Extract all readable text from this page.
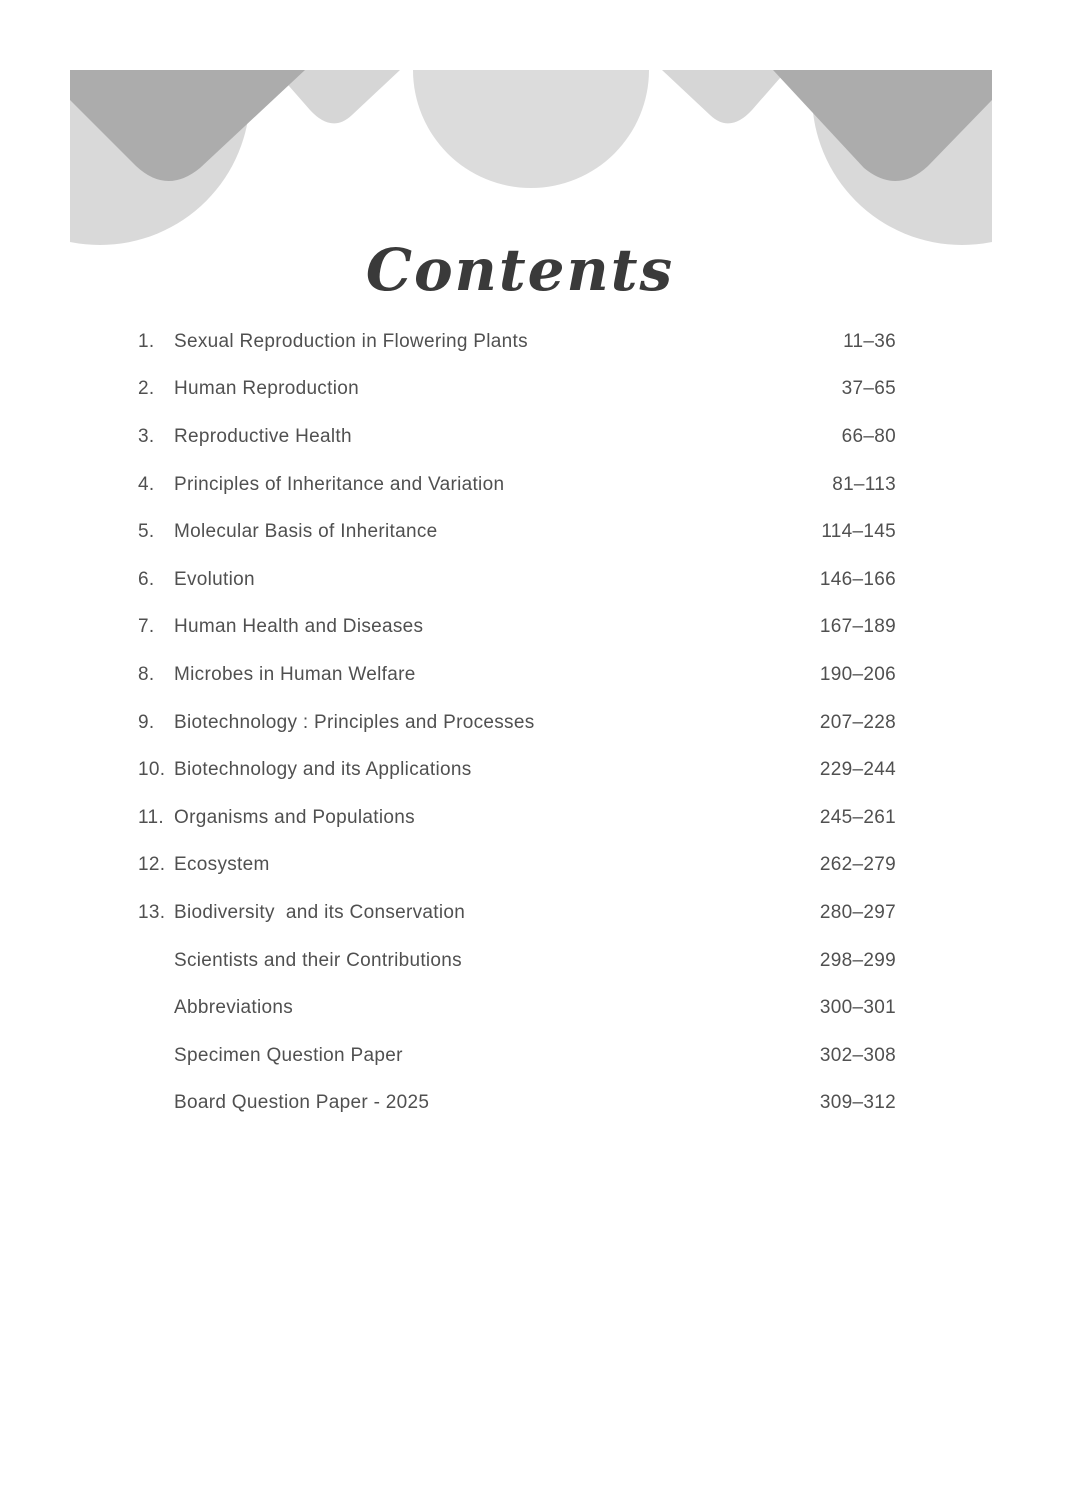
Contents
1.	Sexual Reproduction in Flowering Plants	11–36
2.	Human Reproduction	37–65
3.	Reproductive Health	66–80
4.	Principles of Inheritance and Variation	81–113
5.	Molecular Basis of Inheritance	114–145
6.	Evolution	146–166
7.	Human Health and Diseases	167–189
8.	Microbes in Human Welfare	190–206
9.	Biotechnology : Principles and Processes	207–228
10. Biotechnology and its Applications	229–244
11. Organisms and Populations	245–261
12. Ecosystem	262–279
13. Biodiversity  and its Conservation	280–297
Scientists and their Contributions	298–299
Abbreviations	300–301
Specimen Question Paper	302–308
Board Question Paper - 2025	309–312
